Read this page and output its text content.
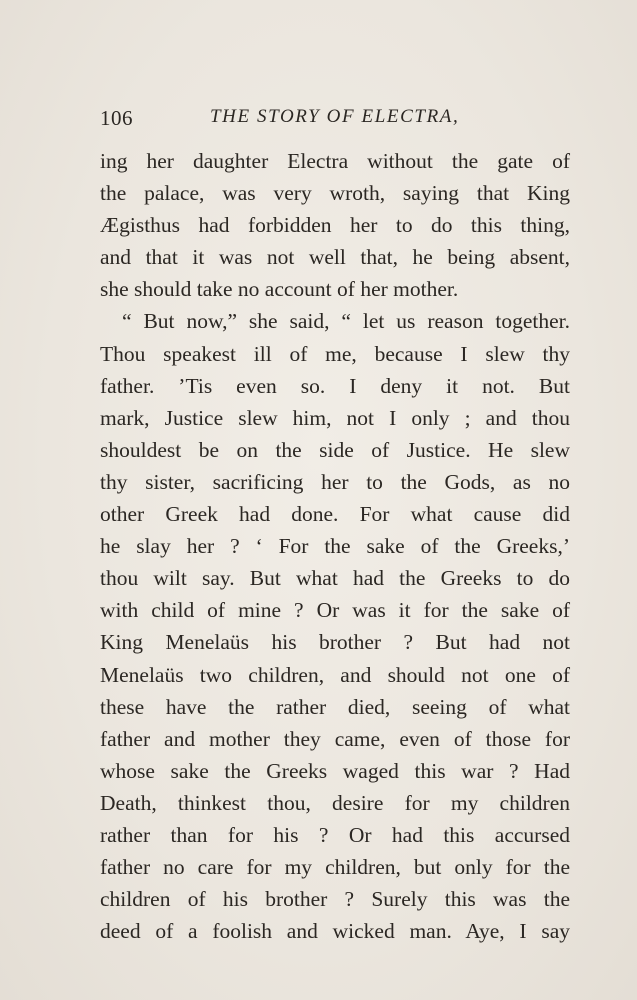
106	THE STORY OF ELECTRA,
ing her daughter Electra without the gate of
the palace, was very wroth, saying that King
Ægisthus had forbidden her to do this thing,
and that it was not well that, he being absent,
she should take no account of her mother.
“ But now,” she said, “ let us reason together.
Thou speakest ill of me, because I slew thy
father. ’Tis even so. I deny it not. But
mark, Justice slew him, not I only ; and thou
shouldest be on the side of Justice. He slew
thy sister, sacrificing her to the Gods, as no
other Greek had done. For what cause did
he slay her ? ‘ For the sake of the Greeks,’
thou wilt say. But what had the Greeks to do
with child of mine ? Or was it for the sake of
King Menelaüs his brother ? But had not
Menelaüs two children, and should not one of
these have the rather died, seeing of what
father and mother they came, even of those for
whose sake the Greeks waged this war ? Had
Death, thinkest thou, desire for my children
rather than for his ? Or had this accursed
father no care for my children, but only for the
children of his brother ? Surely this was the
deed of a foolish and wicked man. Aye, I say
